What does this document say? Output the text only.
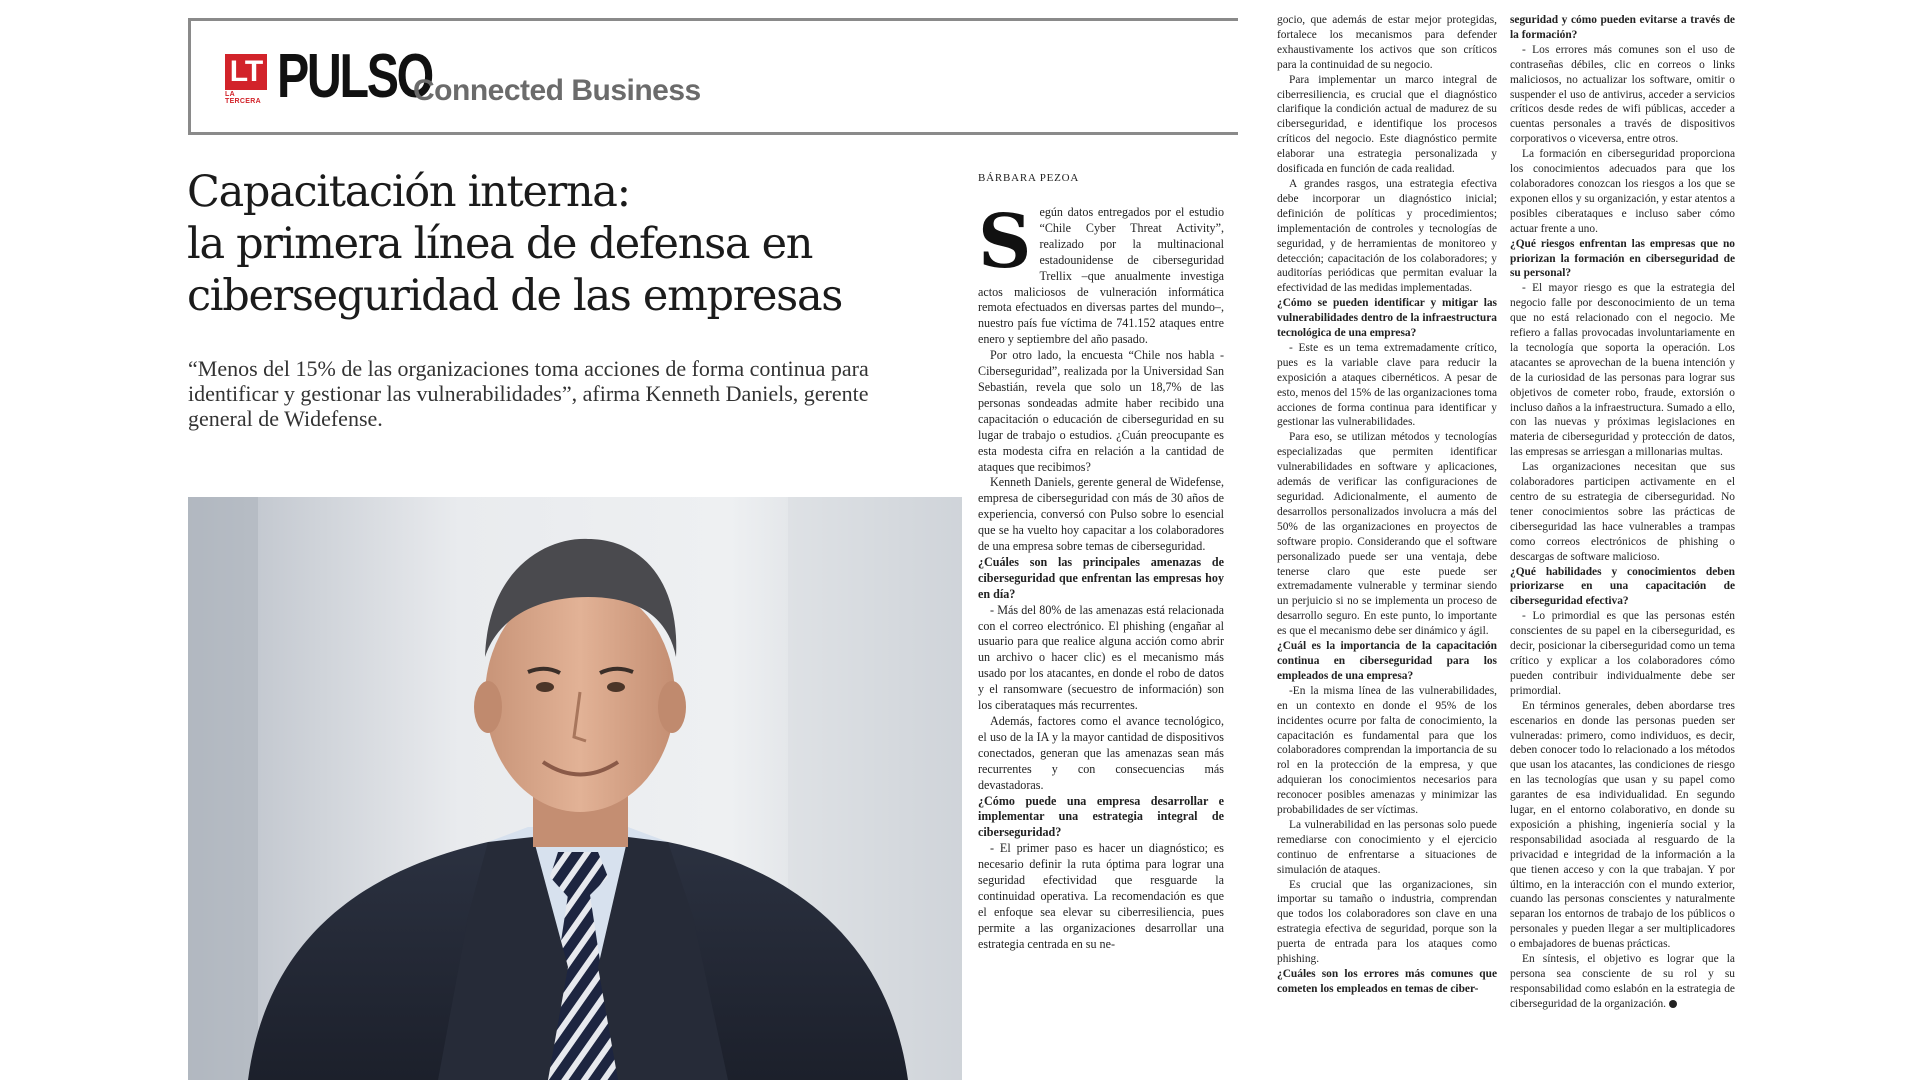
LT
LA TERCERA PULSO
Connected Business
Capacitación interna:
la primera línea de defensa en
ciberseguridad de las empresas
“Menos del 15% de las organizaciones toma acciones de forma continua para identificar y gestionar las vulnerabilidades”, afirma Kenneth Daniels, gerente general de Widefense.
BÁRBARA PEZOA

Según datos entregados por el estudio “Chile Cyber Threat Activity”, realizado por la multinacional estadounidense de ciberseguridad Trellix –que anualmente investiga actos maliciosos de vulneración informática remota efectuados en diversas partes del mundo–, nuestro país fue víctima de 741.152 ataques entre enero y septiembre del año pasado.

Por otro lado, la encuesta “Chile nos habla - Ciberseguridad”, realizada por la Universidad San Sebastián, revela que solo un 18,7% de las personas sondeadas admite haber recibido una capacitación o educación de ciberseguridad en su lugar de trabajo o estudios. ¿Cuán preocupante es esta modesta cifra en relación a la cantidad de ataques que recibimos?

Kenneth Daniels, gerente general de Widefense, empresa de ciberseguridad con más de 30 años de experiencia, conversó con Pulso sobre lo esencial que se ha vuelto hoy capacitar a los colaboradores de una empresa sobre temas de ciberseguridad.

¿Cuáles son las principales amenazas de ciberseguridad que enfrentan las empresas hoy en día?

- Más del 80% de las amenazas está relacionada con el correo electrónico. El phishing (engañar al usuario para que realice alguna acción como abrir un archivo o hacer clic) es el mecanismo más usado por los atacantes, en donde el robo de datos y el ransomware (secuestro de información) son los ciberataques más recurrentes.

Además, factores como el avance tecnológico, el uso de la IA y la mayor cantidad de dispositivos conectados, generan que las amenazas sean más recurrentes y con consecuencias más devastadoras.

¿Cómo puede una empresa desarrollar e implementar una estrategia integral de ciberseguridad?

- El primer paso es hacer un diagnóstico; es necesario definir la ruta óptima para lograr una seguridad efectividad que resguarde la continuidad operativa. La recomendación es que el enfoque sea elevar su ciberresiliencia, pues permite a las organizaciones desarrollar una estrategia centrada en su ne-

gocio, que además de estar mejor protegidas, fortalece los mecanismos para defender exhaustivamente los activos que son críticos para la continuidad de su negocio.

Para implementar un marco integral de ciberresiliencia, es crucial que el diagnóstico clarifique la condición actual de madurez de su ciberseguridad, e identifique los procesos críticos del negocio. Este diagnóstico permite elaborar una estrategia personalizada y dosificada en función de cada realidad.

A grandes rasgos, una estrategia efectiva debe incorporar un diagnóstico inicial; definición de políticas y procedimientos; implementación de controles y tecnologías de seguridad, y de herramientas de monitoreo y detección; capacitación de los colaboradores; y auditorías periódicas que permitan evaluar la efectividad de las medidas implementadas.

¿Cómo se pueden identificar y mitigar las vulnerabilidades dentro de la infraestructura tecnológica de una empresa?

- Este es un tema extremadamente crítico, pues es la variable clave para reducir la exposición a ataques cibernéticos. A pesar de esto, menos del 15% de las organizaciones toma acciones de forma continua para identificar y gestionar las vulnerabilidades.

Para eso, se utilizan métodos y tecnologías especializadas que permiten identificar vulnerabilidades en software y aplicaciones, además de verificar las configuraciones de seguridad. Adicionalmente, el aumento de desarrollos personalizados involucra a más del 50% de las organizaciones en proyectos de software propio. Considerando que el software personalizado puede ser una ventaja, debe tenerse claro que este puede ser extremadamente vulnerable y terminar siendo un perjuicio si no se implementa un proceso de desarrollo seguro. En este punto, lo importante es que el mecanismo debe ser dinámico y ágil.

¿Cuál es la importancia de la capacitación continua en ciberseguridad para los empleados de una empresa?

-En la misma línea de las vulnerabilidades, en un contexto en donde el 95% de los incidentes ocurre por falta de conocimiento, la capacitación es fundamental para que los colaboradores comprendan la importancia de su rol en la protección de la empresa, y que adquieran los conocimientos necesarios para reconocer posibles amenazas y minimizar las probabilidades de ser víctimas.

La vulnerabilidad en las personas solo puede remediarse con conocimiento y el ejercicio continuo de enfrentarse a situaciones de simulación de ataques.

Es crucial que las organizaciones, sin importar su tamaño o industria, comprendan que todos los colaboradores son clave en una estrategia efectiva de seguridad, porque son la puerta de entrada para los ataques como phishing.

¿Cuáles son los errores más comunes que cometen los empleados en temas de ciber-

seguridad y cómo pueden evitarse a través de la formación?

- Los errores más comunes son el uso de contraseñas débiles, clic en correos o links maliciosos, no actualizar los software, omitir o suspender el uso de antivirus, acceder a servicios críticos desde redes de wifi públicas, acceder a cuentas personales a través de dispositivos corporativos o viceversa, entre otros.

La formación en ciberseguridad proporciona los conocimientos adecuados para que los colaboradores conozcan los riesgos a los que se exponen ellos y su organización, y estar atentos a posibles ciberataques e incluso saber cómo actuar frente a uno.

¿Qué riesgos enfrentan las empresas que no priorizan la formación en ciberseguridad de su personal?

- El mayor riesgo es que la estrategia del negocio falle por desconocimiento de un tema que no está relacionado con el negocio. Me refiero a fallas provocadas involuntariamente en la tecnología que soporta la operación. Los atacantes se aprovechan de la buena intención y de la curiosidad de las personas para lograr sus objetivos de cometer robo, fraude, extorsión o incluso daños a la infraestructura. Sumado a ello, con las nuevas y próximas legislaciones en materia de ciberseguridad y protección de datos, las empresas se arriesgan a millonarias multas.

Las organizaciones necesitan que sus colaboradores participen activamente en el centro de su estrategia de ciberseguridad. No tener conocimientos sobre las prácticas de ciberseguridad las hace vulnerables a trampas como correos electrónicos de phishing o descargas de software malicioso.

¿Qué habilidades y conocimientos deben priorizarse en una capacitación de ciberseguridad efectiva?

- Lo primordial es que las personas estén conscientes de su papel en la ciberseguridad, es decir, posicionar la ciberseguridad como un tema crítico y explicar a los colaboradores cómo pueden contribuir individualmente debe ser primordial.

En términos generales, deben abordarse tres escenarios en donde las personas pueden ser vulneradas: primero, como individuos, es decir, deben conocer todo lo relacionado a los métodos que usan los atacantes, las condiciones de riesgo en las tecnologías que usan y su papel como garantes de esa individualidad. En segundo lugar, en el entorno colaborativo, en donde su exposición a phishing, ingeniería social y la responsabilidad asociada al resguardo de la privacidad e integridad de la información a la que tienen acceso y con la que trabajan. Y por último, en la interacción con el mundo exterior, cuando las personas conscientes y naturalmente separan los entornos de trabajo de los públicos o personales y pueden llegar a ser multiplicadores o embajadores de buenas prácticas.

En síntesis, el objetivo es lograr que la persona sea consciente de su rol y su responsabilidad como eslabón en la estrategia de ciberseguridad de la organización.
